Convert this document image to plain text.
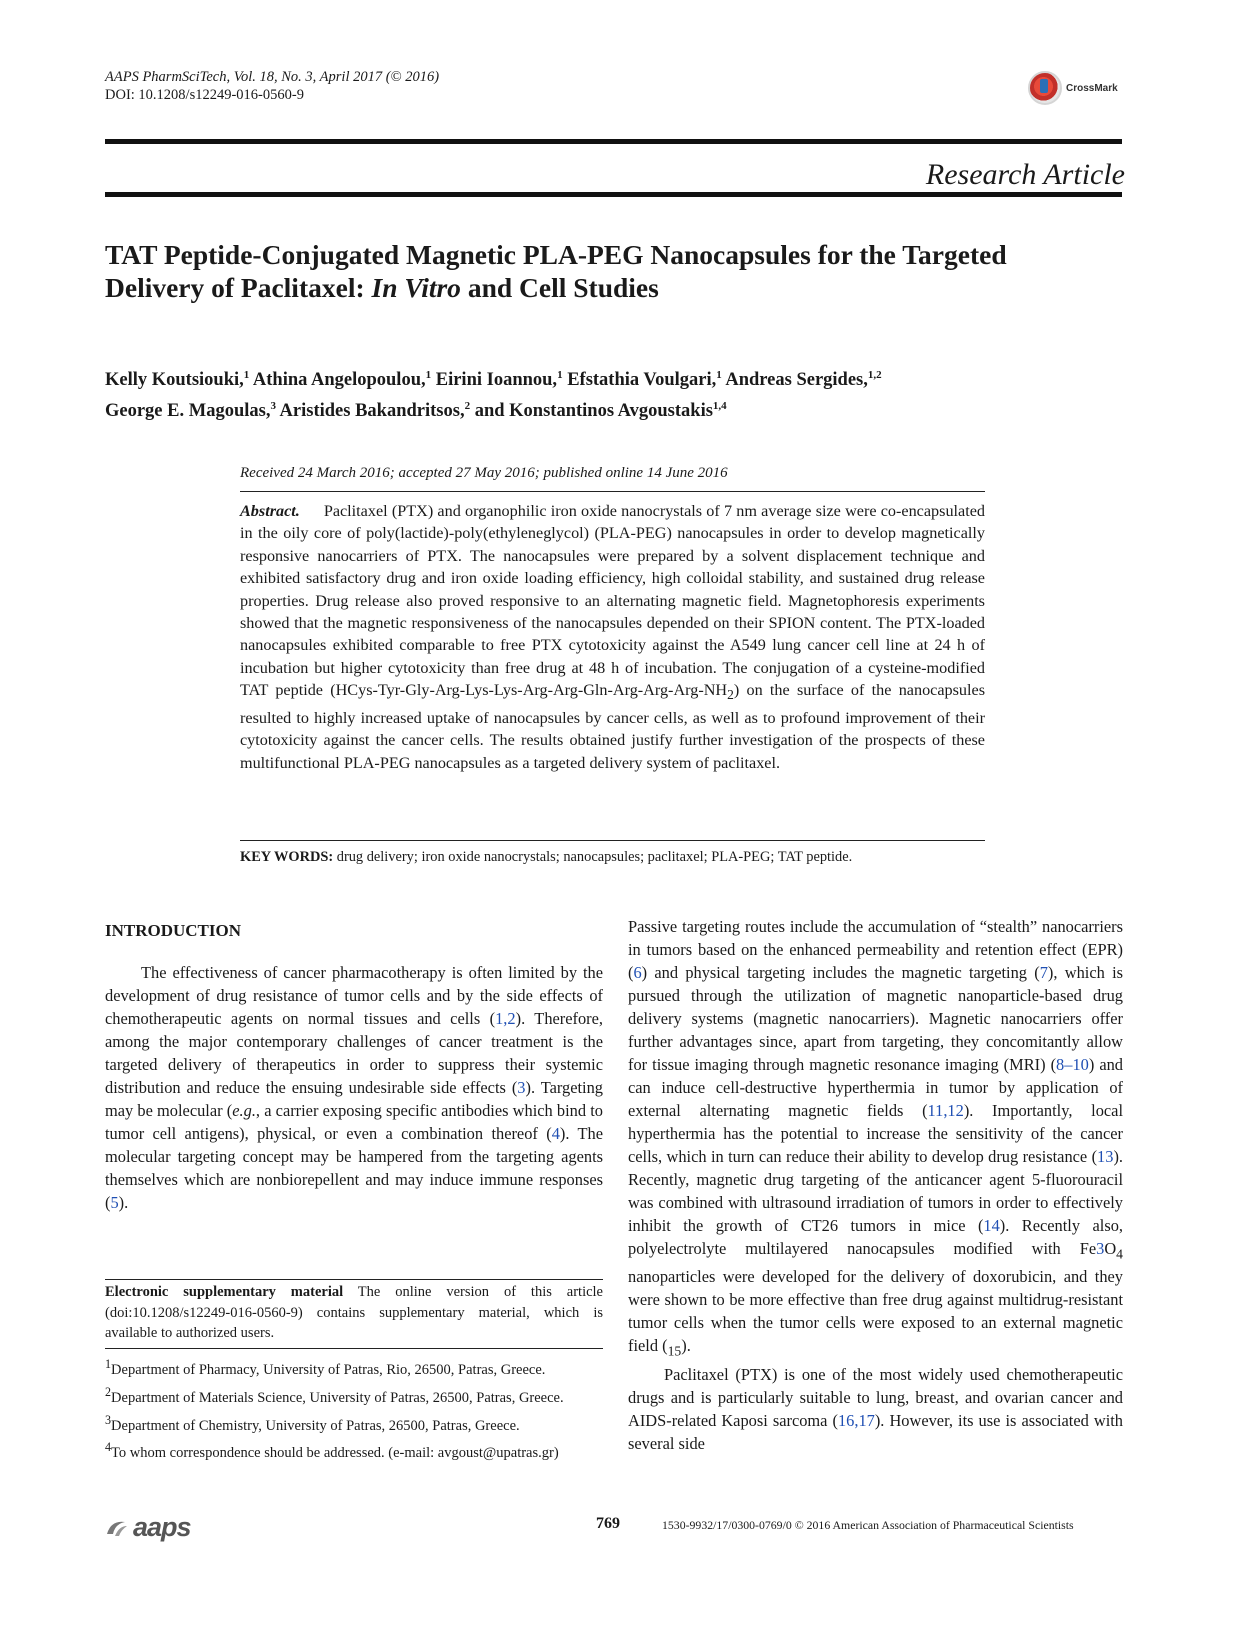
AAPS PharmSciTech, Vol. 18, No. 3, April 2017 (© 2016)
DOI: 10.1208/s12249-016-0560-9	CrossMark
Research Article
TAT Peptide-Conjugated Magnetic PLA-PEG Nanocapsules for the Targeted
Delivery of Paclitaxel: In Vitro and Cell Studies
Kelly Koutsiouki,$^1$ Athina Angelopoulou,$^1$ Eirini Ioannou,$^1$ Efstathia Voulgari,$^1$ Andreas Sergides,$^{1,2}$
George E. Magoulas,$^3$ Aristides Bakandritsos,$^2$ and Konstantinos Avgoustakis$^{1,4}$
Received 24 March 2016; accepted 27 May 2016; published online 14 June 2016
Abstract. Paclitaxel (PTX) and organophilic iron oxide nanocrystals of 7 nm average size were co-encapsulated in the oily core of poly(lactide)-poly(ethyleneglycol) (PLA-PEG) nanocapsules in order to develop magnetically responsive nanocarriers of PTX. The nanocapsules were prepared by a solvent displacement technique and exhibited satisfactory drug and iron oxide loading efficiency, high colloidal stability, and sustained drug release properties. Drug release also proved responsive to an alternating magnetic field. Magnetophoresis experiments showed that the magnetic responsiveness of the nanocapsules depended on their SPION content. The PTX-loaded nanocapsules exhibited comparable to free PTX cytotoxicity against the A549 lung cancer cell line at 24 h of incubation but higher cytotoxicity than free drug at 48 h of incubation. The conjugation of a cysteine-modified TAT peptide $(HCys-Tyr-Gly-Arg-Lys-Lys-Arg-Arg-Gln-Arg-Arg-Arg-NH_2)$ on the surface of the nanocapsules resulted to highly increased uptake of nanocapsules by cancer cells, as well as to profound improvement of their cytotoxicity against the cancer cells. The results obtained justify further investigation of the prospects of these multifunctional PLA-PEG nanocapsules as a targeted delivery system of paclitaxel.
KEY WORDS: drug delivery; iron oxide nanocrystals; nanocapsules; paclitaxel; PLA-PEG; TAT peptide.
INTRODUCTION
The effectiveness of cancer pharmacotherapy is often limited by the development of drug resistance of tumor cells and by the side effects of chemotherapeutic agents on normal tissues and cells (1,2). Therefore, among the major contemporary challenges of cancer treatment is the targeted delivery of therapeutics in order to suppress their systemic distribution and reduce the ensuing undesirable side effects (3). Targeting may be molecular (e.g., a carrier exposing specific antibodies which bind to tumor cell antigens), physical, or even a combination thereof (4). The molecular targeting concept may be hampered from the targeting agents themselves which are nonbiorepellent and may induce immune responses (5).
Electronic supplementary material The online version of this article (doi:10.1208/s12249-016-0560-9) contains supplementary material, which is available to authorized users.

$^1$Department of Pharmacy, University of Patras, Rio, 26500, Patras, Greece.

$^2$Department of Materials Science, University of Patras, 26500, Patras, Greece.

$^3$Department of Chemistry, University of Patras, 26500, Patras, Greece.

$^4$To whom correspondence should be addressed. (e-mail: avgoust@upatras.gr)

Passive targeting routes include the accumulation of “stealth” nanocarriers in tumors based on the enhanced permeability and retention effect (EPR) (6) and physical targeting includes the magnetic targeting (7), which is pursued through the utilization of magnetic nanoparticle-based drug delivery systems (magnetic nanocarriers). Magnetic nanocarriers offer further advantages since, apart from targeting, they concomitantly allow for tissue imaging through magnetic resonance imaging (MRI) (8–10) and can induce cell-destructive hyperthermia in tumor by application of external alternating magnetic fields (11,12). Importantly, local hyperthermia has the potential to increase the sensitivity of the cancer cells, which in turn can reduce their ability to develop drug resistance (13). Recently, magnetic drug targeting of the anticancer agent 5-fluorouracil was combined with ultrasound irradiation of tumors in order to effectively inhibit the growth of CT26 tumors in mice (14). Recently also, polyelectrolyte multilayered nanocapsules modified with $Fe3O_4$ nanoparticles were developed for the delivery of doxorubicin, and they were shown to be more effective than free drug against multidrug-resistant tumor cells when the tumor cells were exposed to an external magnetic field $(_{15})$.
Paclitaxel (PTX) is one of the most widely used chemotherapeutic drugs and is particularly suitable to lung, breast, and ovarian cancer and AIDS-related Kaposi sarcoma (16,17). However, its use is associated with several side
aaps	769	1530-9932/17/0300-0769/0 © 2016 American Association of Pharmaceutical Scientists
